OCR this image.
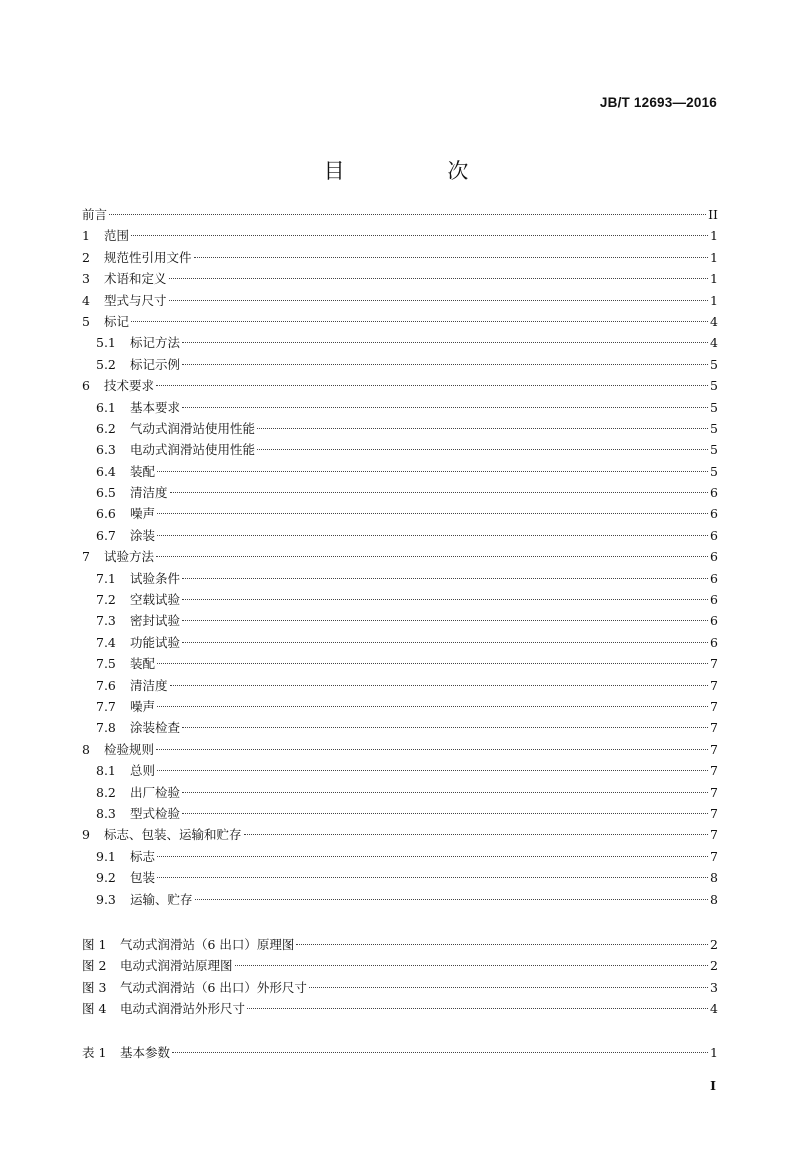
JB/T 12693—2016
目 次
前言	II
1	范围	1
2	规范性引用文件	1
3	术语和定义	1
4	型式与尺寸	1
5	标记	4
5.1	标记方法	4
5.2	标记示例	5
6	技术要求	5
6.1	基本要求	5
6.2	气动式润滑站使用性能	5
6.3	电动式润滑站使用性能	5
6.4	装配	5
6.5	清洁度	6
6.6	噪声	6
6.7	涂装	6
7	试验方法	6
7.1	试验条件	6
7.2	空载试验	6
7.3	密封试验	6
7.4	功能试验	6
7.5	装配	7
7.6	清洁度	7
7.7	噪声	7
7.8	涂装检查	7
8	检验规则	7
8.1	总则	7
8.2	出厂检验	7
8.3	型式检验	7
9	标志、包装、运输和贮存	7
9.1	标志	7
9.2	包装	8
9.3	运输、贮存	8
图 1	气动式润滑站（6 出口）原理图	2
图 2	电动式润滑站原理图	2
图 3	气动式润滑站（6 出口）外形尺寸	3
图 4	电动式润滑站外形尺寸	4
表 1	基本参数	1
I
